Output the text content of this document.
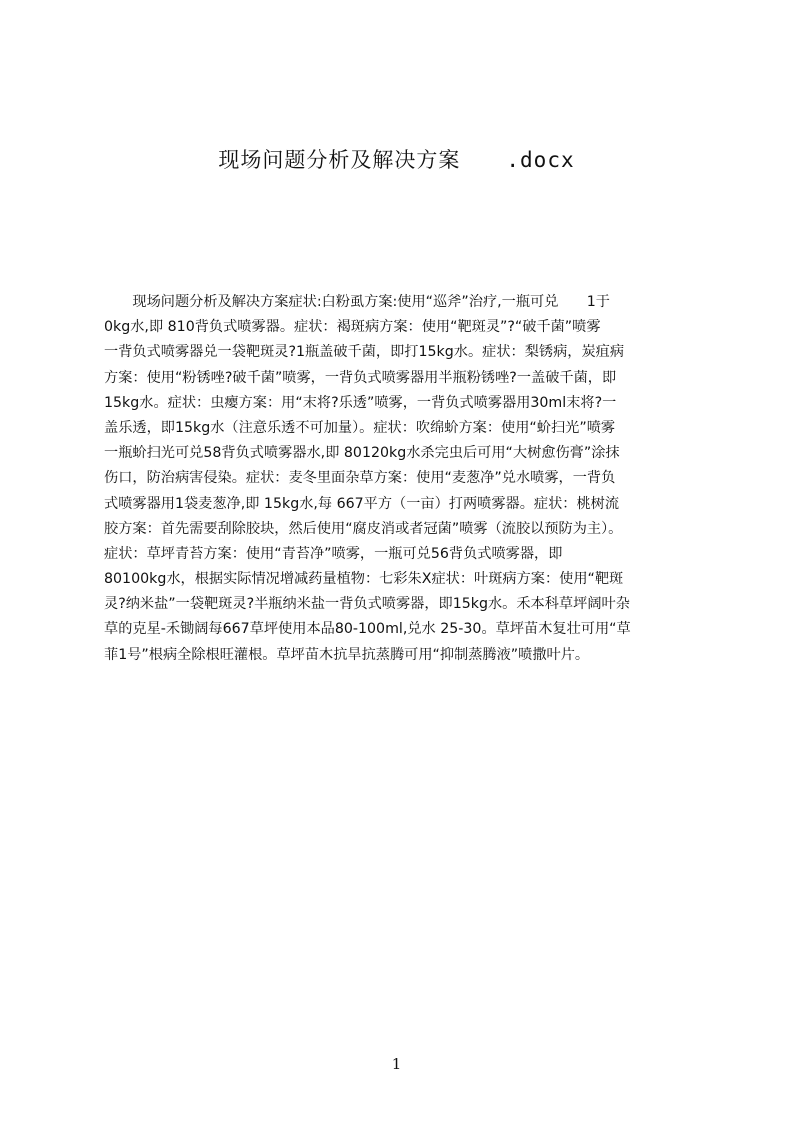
现场问题分析及解决方案 .docx
　　现场问题分析及解决方案症状:白粉虱方案:使用“巡斧”治疗,一瓶可兑　　1于
0kg水,即 810背负式喷雾器。症状：褐斑病方案：使用“靶斑灵”?“破千菌”喷雾
一背负式喷雾器兑一袋靶斑灵?1瓶盖破千菌，即打15kg水。症状：梨锈病，炭疽病
方案：使用“粉锈唑?破千菌”喷雾，一背负式喷雾器用半瓶粉锈唑?一盖破千菌，即
15kg水。症状：虫瘿方案：用“末将?乐透”喷雾，一背负式喷雾器用30ml末将?一
盖乐透，即15kg水（注意乐透不可加量）。症状：吹绵蚧方案：使用“蚧扫光”喷雾
一瓶蚧扫光可兑58背负式喷雾器水,即 80120kg水杀完虫后可用“大树愈伤膏”涂抹
伤口，防治病害侵染。症状：麦冬里面杂草方案：使用“麦葱净”兑水喷雾，一背负
式喷雾器用1袋麦葱净,即 15kg水,每 667平方（一亩）打两喷雾器。症状：桃树流
胶方案：首先需要刮除胶块，然后使用“腐皮消或者冠菌”喷雾（流胶以预防为主）。
症状：草坪青苔方案：使用“青苔净”喷雾，一瓶可兑56背负式喷雾器，即
80100kg水，根据实际情况增减药量植物：七彩朱Ⅹ症状：叶斑病方案：使用“靶斑
灵?纳米盐”一袋靶斑灵?半瓶纳米盐一背负式喷雾器，即15kg水。禾本科草坪阔叶杂
草的克星-禾锄阔每667草坪使用本品80-100ml,兑水 25-30。草坪苗木复壮可用“草
菲1号”根病全除根旺灌根。草坪苗木抗旱抗蒸腾可用“抑制蒸腾液”喷撒叶片。
1
